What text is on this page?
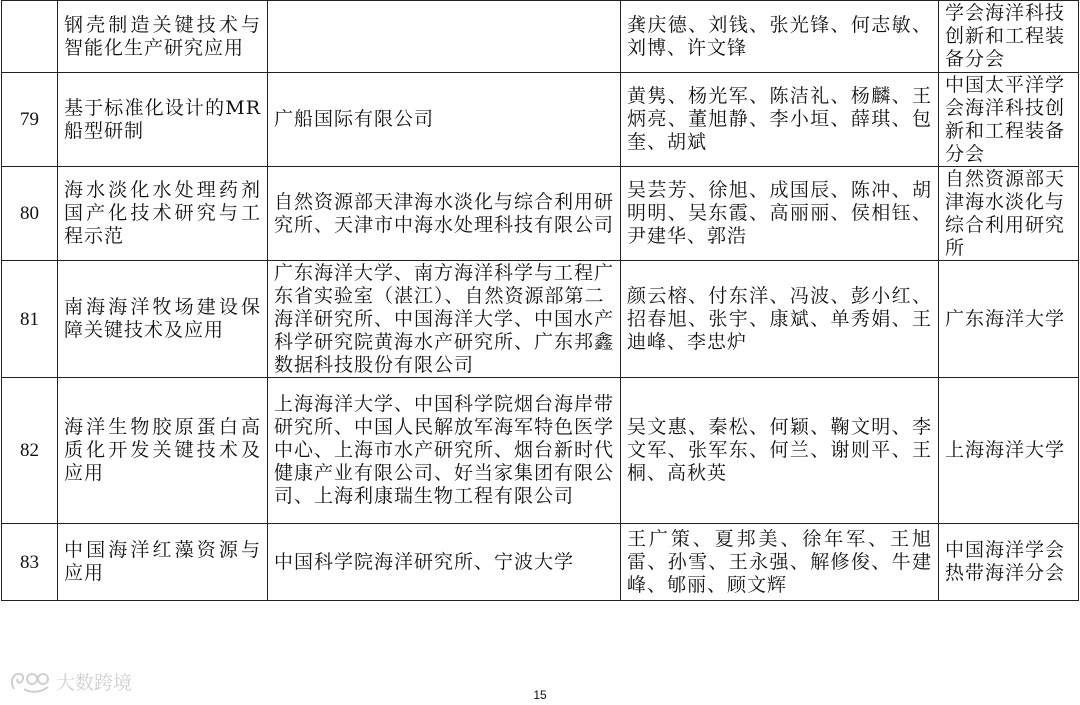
	钢壳制造关键技术与智能化生产研究应用		龚庆德、刘钱、张光锋、何志敏、刘博、许文锋	学会海洋科技创新和工程装备分会
79	基于标准化设计的MR船型研制	广船国际有限公司	黄隽、杨光军、陈洁礼、杨麟、王炳亮、董旭静、李小垣、薛琪、包奎、胡斌	中国太平洋学会海洋科技创新和工程装备分会
80	海水淡化水处理药剂国产化技术研究与工程示范	自然资源部天津海水淡化与综合利用研究所、天津市中海水处理科技有限公司	吴芸芳、徐旭、成国辰、陈冲、胡明明、吴东霞、高丽丽、侯相钰、尹建华、郭浩	自然资源部天津海水淡化与综合利用研究所
81	南海海洋牧场建设保障关键技术及应用	广东海洋大学、南方海洋科学与工程广东省实验室（湛江）、自然资源部第二海洋研究所、中国海洋大学、中国水产科学研究院黄海水产研究所、广东邦鑫数据科技股份有限公司	颜云榕、付东洋、冯波、彭小红、招春旭、张宇、康斌、单秀娟、王迪峰、李忠炉	广东海洋大学
82	海洋生物胶原蛋白高质化开发关键技术及应用	上海海洋大学、中国科学院烟台海岸带研究所、中国人民解放军海军特色医学中心、上海市水产研究所、烟台新时代健康产业有限公司、好当家集团有限公司、上海利康瑞生物工程有限公司	吴文惠、秦松、何颖、鞠文明、李文军、张军东、何兰、谢则平、王桐、高秋英	上海海洋大学
83	中国海洋红藻资源与应用	中国科学院海洋研究所、宁波大学	王广策、夏邦美、徐年军、王旭雷、孙雪、王永强、解修俊、牛建峰、郇丽、顾文辉	中国海洋学会热带海洋分会
大数跨境
15
